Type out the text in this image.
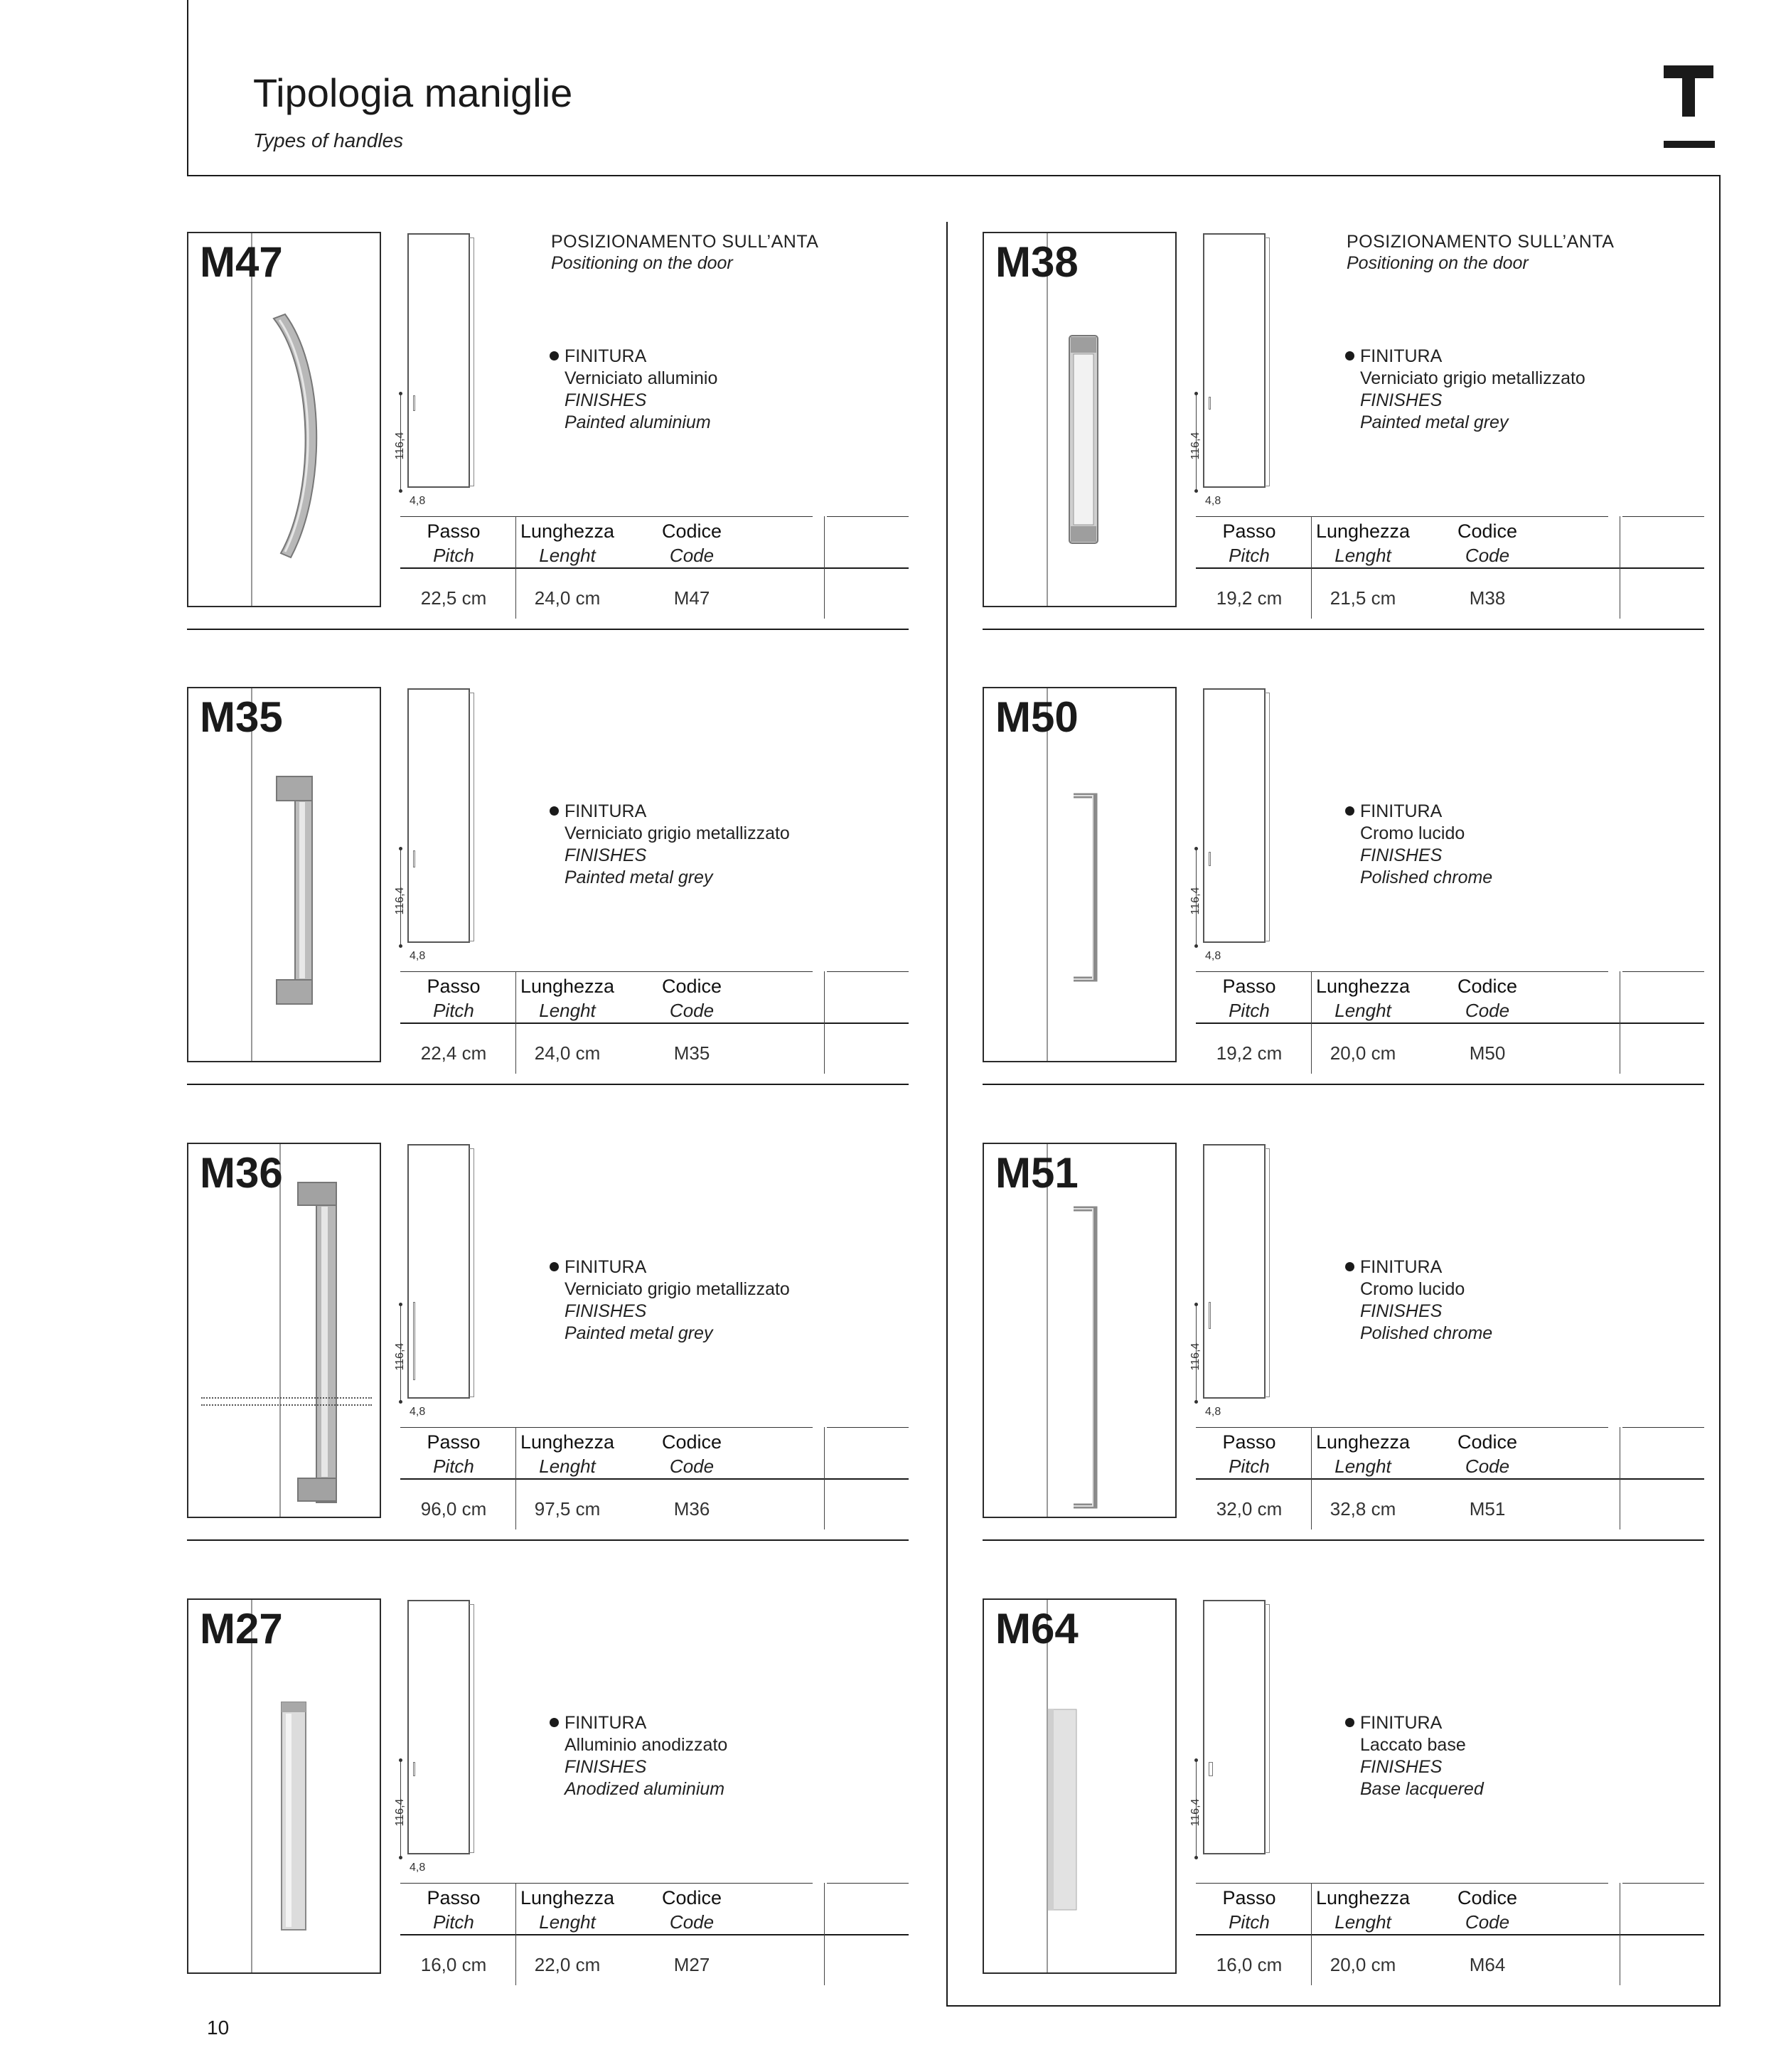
Tipologia maniglie
Types of handles
10
M47
116,4
4,8
POSIZIONAMENTO SULL’ANTA
Positioning on the door
FINITURA
Verniciato alluminio
FINISHES
Painted aluminium
Passo	Lunghezza	Codice
Pitch	Lenght	Code
22,5 cm	24,0 cm	M47
M38
116,4
4,8
POSIZIONAMENTO SULL’ANTA
Positioning on the door
FINITURA
Verniciato grigio metallizzato
FINISHES
Painted metal grey
Passo	Lunghezza	Codice
Pitch	Lenght	Code
19,2 cm	21,5 cm	M38
M35
116,4
4,8
FINITURA
Verniciato grigio metallizzato
FINISHES
Painted metal grey
Passo	Lunghezza	Codice
Pitch	Lenght	Code
22,4 cm	24,0 cm	M35
M50
116,4
4,8
FINITURA
Cromo lucido
FINISHES
Polished chrome
Passo	Lunghezza	Codice
Pitch	Lenght	Code
19,2 cm	20,0 cm	M50
M36
116,4
4,8
FINITURA
Verniciato grigio metallizzato
FINISHES
Painted metal grey
Passo	Lunghezza	Codice
Pitch	Lenght	Code
96,0 cm	97,5 cm	M36
M51
116,4
4,8
FINITURA
Cromo lucido
FINISHES
Polished chrome
Passo	Lunghezza	Codice
Pitch	Lenght	Code
32,0 cm	32,8 cm	M51
M27
116,4
4,8
FINITURA
Alluminio anodizzato
FINISHES
Anodized aluminium
Passo	Lunghezza	Codice
Pitch	Lenght	Code
16,0 cm	22,0 cm	M27
M64
116,4
FINITURA
Laccato base
FINISHES
Base lacquered
Passo	Lunghezza	Codice
Pitch	Lenght	Code
16,0 cm	20,0 cm	M64
